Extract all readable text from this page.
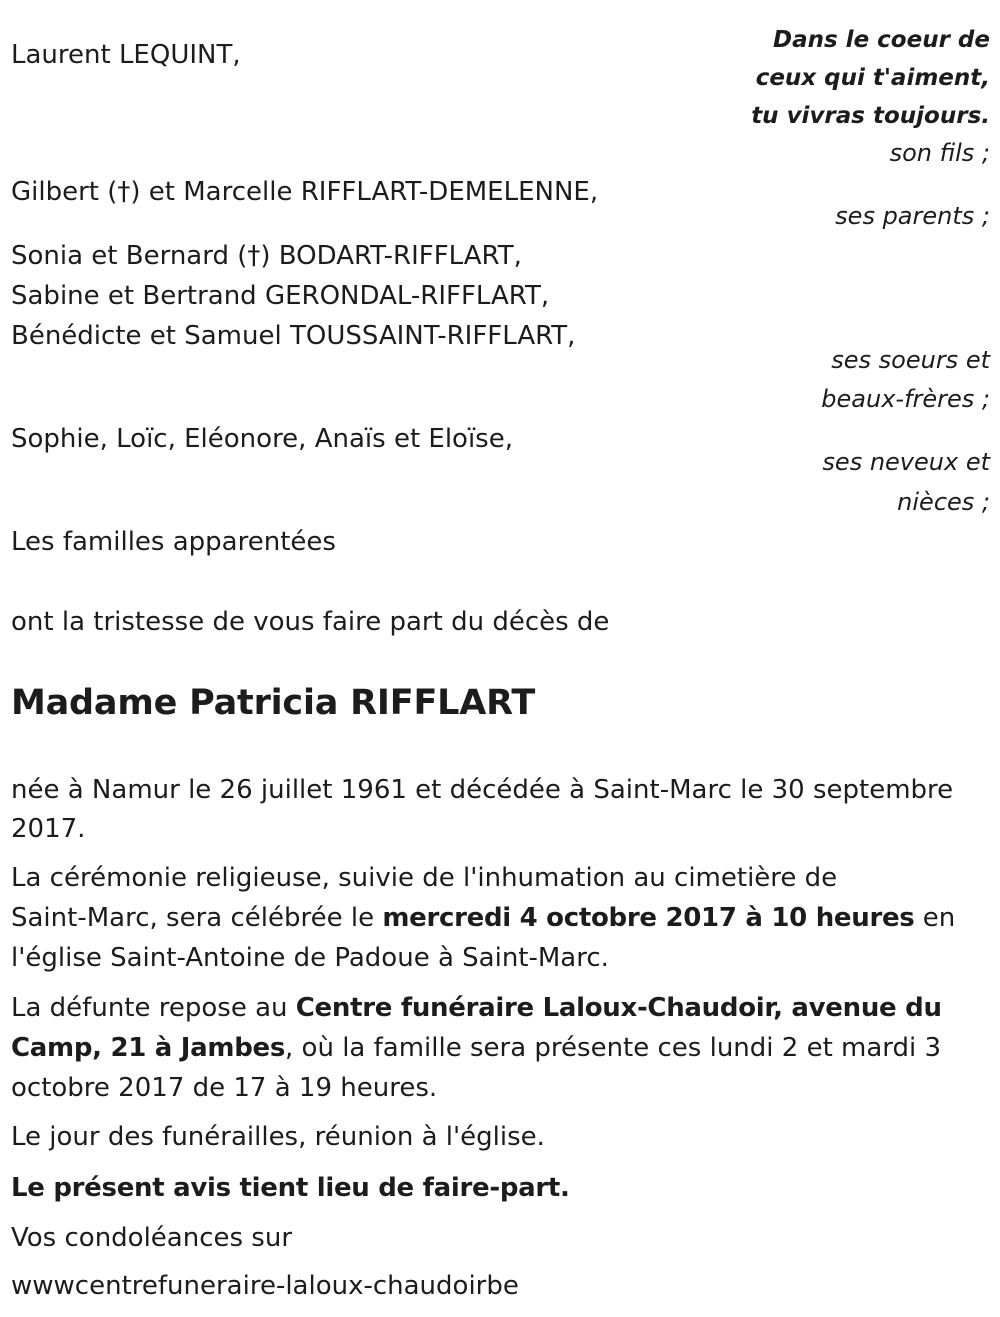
Dans le coeur de
ceux qui t'aiment,
tu vivras toujours.
Laurent LEQUINT,
son fils ;
Gilbert (†) et Marcelle RIFFLART-DEMELENNE,
ses parents ;
Sonia et Bernard (†) BODART-RIFFLART,
Sabine et Bertrand GERONDAL-RIFFLART,
Bénédicte et Samuel TOUSSAINT-RIFFLART,
ses soeurs et
beaux-frères ;
Sophie, Loïc, Eléonore, Anaïs et Eloïse,
ses neveux et
nièces ;
Les familles apparentées
ont la tristesse de vous faire part du décès de
Madame Patricia RIFFLART
née à Namur le 26 juillet 1961 et décédée à Saint-Marc le 30 septembre
2017.
La cérémonie religieuse, suivie de l'inhumation au cimetière de
Saint-Marc, sera célébrée le mercredi 4 octobre 2017 à 10 heures en
l'église Saint-Antoine de Padoue à Saint-Marc.
La défunte repose au Centre funéraire Laloux-Chaudoir, avenue du
Camp, 21 à Jambes, où la famille sera présente ces lundi 2 et mardi 3
octobre 2017 de 17 à 19 heures.
Le jour des funérailles, réunion à l'église.
Le présent avis tient lieu de faire-part.
Vos condoléances sur
wwwcentrefuneraire-laloux-chaudoirbe
